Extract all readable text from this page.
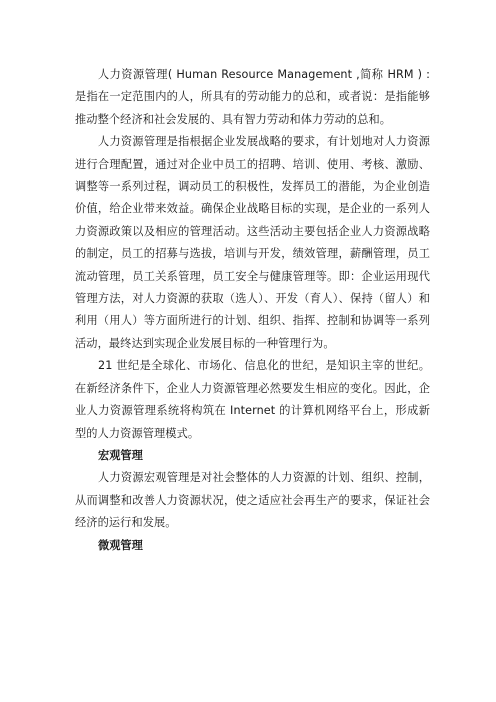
人力资源管理( Human Resource Management ,简称 HRM ) : 是指在一定范围内的人，所具有的劳动能力的总和，或者说：是指能够推动整个经济和社会发展的、具有智力劳动和体力劳动的总和。

人力资源管理是指根据企业发展战略的要求，有计划地对人力资源进行合理配置，通过对企业中员工的招聘、培训、使用、考核、激励、调整等一系列过程，调动员工的积极性，发挥员工的潜能，为企业创造价值，给企业带来效益。确保企业战略目标的实现，是企业的一系列人力资源政策以及相应的管理活动。这些活动主要包括企业人力资源战略的制定，员工的招募与选拔，培训与开发，绩效管理，薪酬管理，员工流动管理，员工关系管理，员工安全与健康管理等。即：企业运用现代管理方法，对人力资源的获取（选人）、开发（育人）、保持（留人）和利用（用人）等方面所进行的计划、组织、指挥、控制和协调等一系列活动，最终达到实现企业发展目标的一种管理行为。

21 世纪是全球化、市场化、信息化的世纪，是知识主宰的世纪。在新经济条件下，企业人力资源管理必然要发生相应的变化。因此，企业人力资源管理系统将构筑在 Internet 的计算机网络平台上，形成新型的人力资源管理模式。

宏观管理

人力资源宏观管理是对社会整体的人力资源的计划、组织、控制，从而调整和改善人力资源状况，使之适应社会再生产的要求，保证社会经济的运行和发展。

微观管理
